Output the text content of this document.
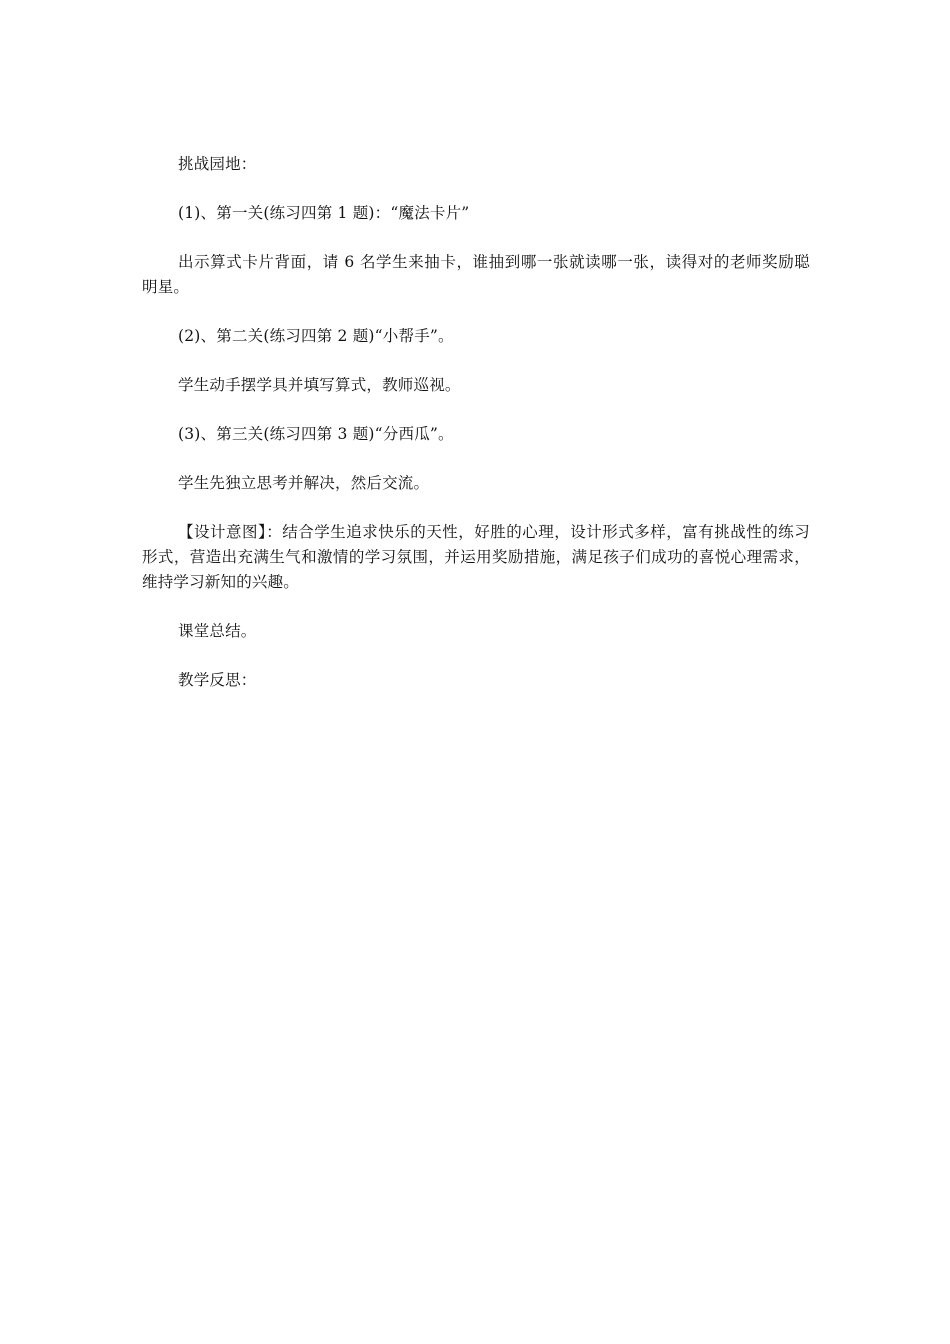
挑战园地：

(1)、第一关(练习四第 1 题)：“魔法卡片”

出示算式卡片背面，请 6 名学生来抽卡，谁抽到哪一张就读哪一张，读得对的老师奖励聪明星。

(2)、第二关(练习四第 2 题)“小帮手”。

学生动手摆学具并填写算式，教师巡视。

(3)、第三关(练习四第 3 题)“分西瓜”。

学生先独立思考并解决，然后交流。

【设计意图】：结合学生追求快乐的天性，好胜的心理，设计形式多样，富有挑战性的练习形式，营造出充满生气和激情的学习氛围，并运用奖励措施，满足孩子们成功的喜悦心理需求，维持学习新知的兴趣。

课堂总结。

教学反思：
